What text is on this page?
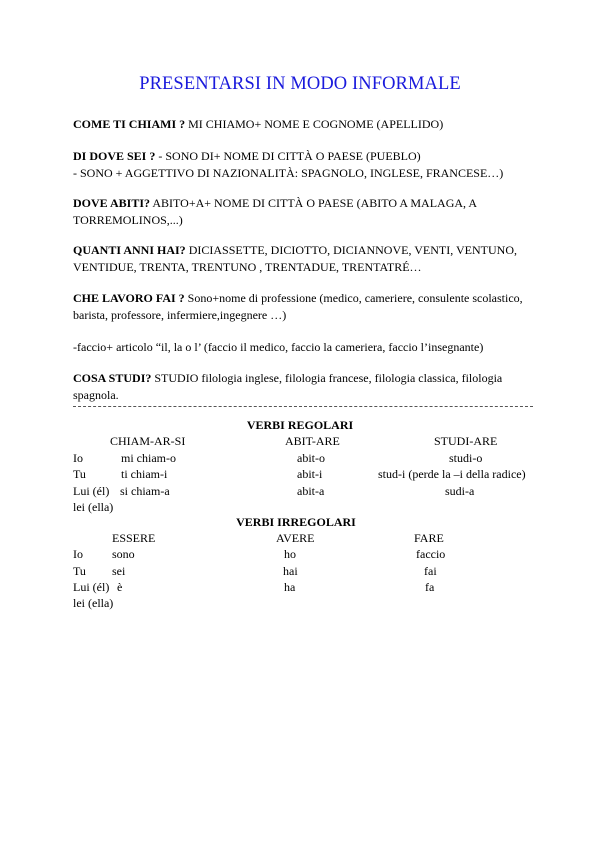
PRESENTARSI IN MODO INFORMALE
COME TI CHIAMI ? MI CHIAMO+ NOME E COGNOME (APELLIDO)
DI DOVE SEI ? - SONO DI+ NOME DI CITTÀ O PAESE (PUEBLO)
- SONO + AGGETTIVO DI NAZIONALITÀ: SPAGNOLO, INGLESE, FRANCESE…)
DOVE ABITI? ABITO+A+ NOME DI CITTÀ O PAESE (ABITO A MALAGA, A TORREMOLINOS,...)
QUANTI ANNI HAI? DICIASSETTE, DICIOTTO, DICIANNOVE, VENTI, VENTUNO, VENTIDUE, TRENTA, TRENTUNO , TRENTADUE, TRENTATRÉ…
CHE LAVORO FAI ? Sono+nome di professione (medico, cameriere, consulente scolastico, barista, professore, infermiere,ingegnere …)
-faccio+ articolo “il, la o l’ (faccio il medico, faccio la cameriera, faccio l’insegnante)
COSA STUDI? STUDIO filologia inglese, filologia francese, filologia classica, filologia spagnola.
VERBI REGOLARI
CHIAM-AR-SI	ABIT-ARE	STUDI-ARE
Io	mi chiam-o	abit-o	studi-o
Tu	ti chiam-i	abit-i	stud-i (perde la –i della radice)
Lui (él) si chiam-a	abit-a	sudi-a
lei (ella)
VERBI IRREGOLARI
ESSERE	AVERE	FARE
Io sono	ho	faccio
Tu sei	hai	fai
Lui (él) è	ha	fa
lei (ella)
